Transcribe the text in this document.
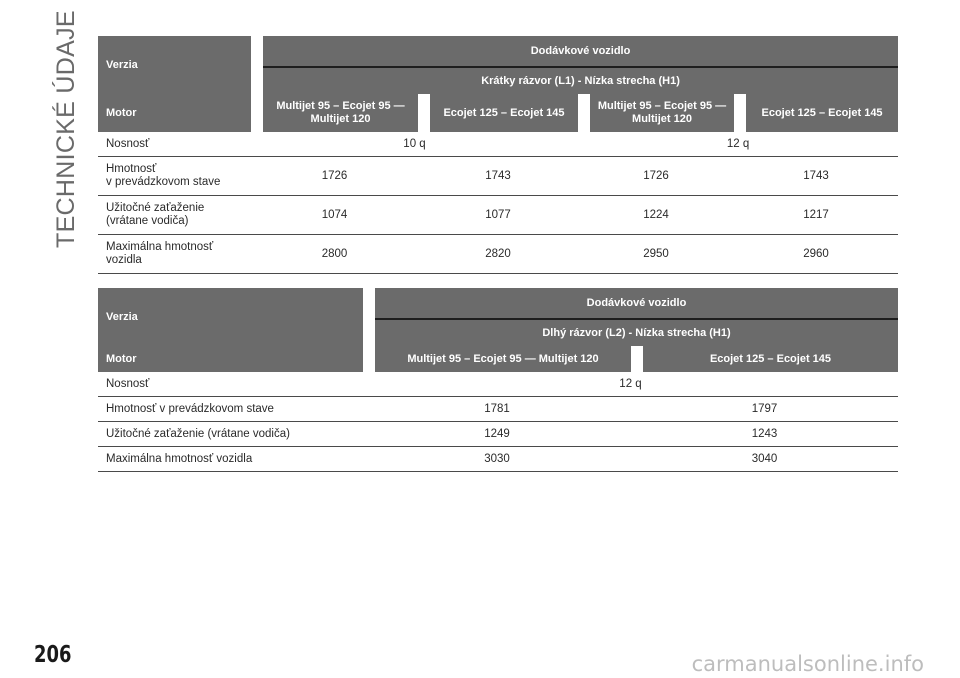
TECHNICKÉ ÚDAJE Verzia		Dodávkové vozidlo						
		Krátky rázvor (L1) - Nízka strecha (H1)						
Motor		Multijet 95 – Ecojet 95 — Multijet 120		Ecojet 125 – Ecojet 145		Multijet 95 – Ecojet 95 — Multijet 120		Ecojet 125 – Ecojet 145
Nosnosť	10 q				12 q			
Hmotnosť
v prevádzkovom stave	1726		1743		1726		1743	
Užitočné zaťaženie
(vrátane vodiča)	1074		1077		1224		1217	
Maximálna hmotnosť
vozidla	2800		2820		2950		2960	
Verzia		Dodávkové vozidlo		
		Dlhý rázvor (L2) - Nízka strecha (H1)		
Motor		Multijet 95 – Ecojet 95 — Multijet 120		Ecojet 125 – Ecojet 145
Nosnosť	12 q			
Hmotnosť v prevádzkovom stave	1781		1797	
Užitočné zaťaženie (vrátane vodiča)	1249		1243	
Maximálna hmotnosť vozidla	3030		3040	
206	carmanualsonline.info
